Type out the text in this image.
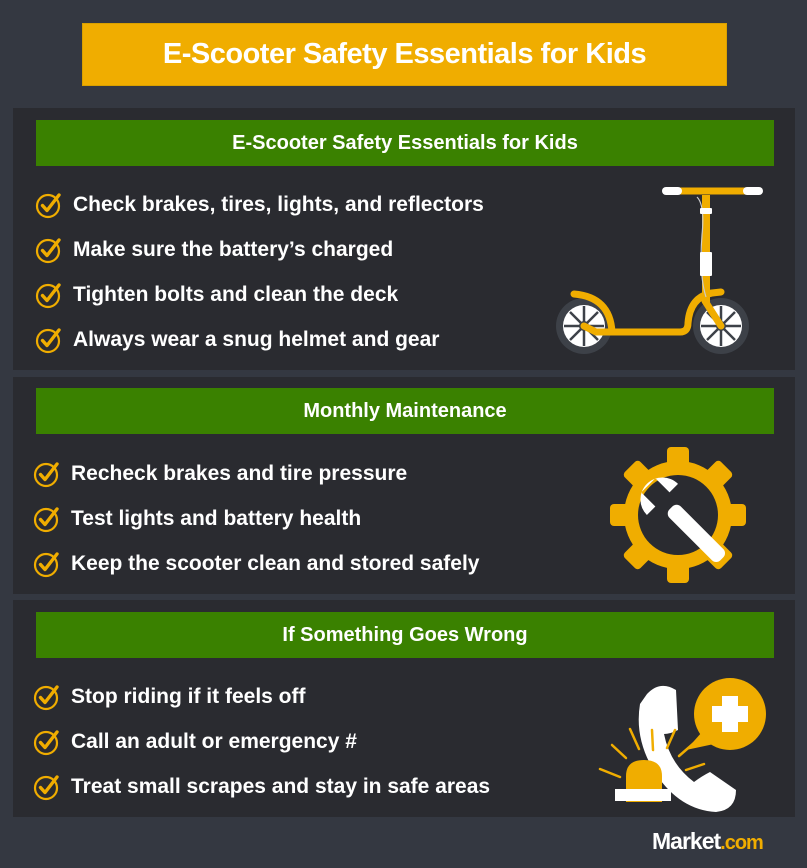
E-Scooter Safety Essentials for Kids
E-Scooter Safety Essentials for Kids
Check brakes, tires, lights, and reflectors
Make sure the battery’s charged
Tighten bolts and clean the deck
Always wear a snug helmet and gear
Monthly Maintenance
Recheck brakes and tire pressure
Test lights and battery health
Keep the scooter clean and stored safely
If Something Goes Wrong
Stop riding if it feels off
Call an adult or emergency #
Treat small scrapes and stay in safe areas
Market.com
